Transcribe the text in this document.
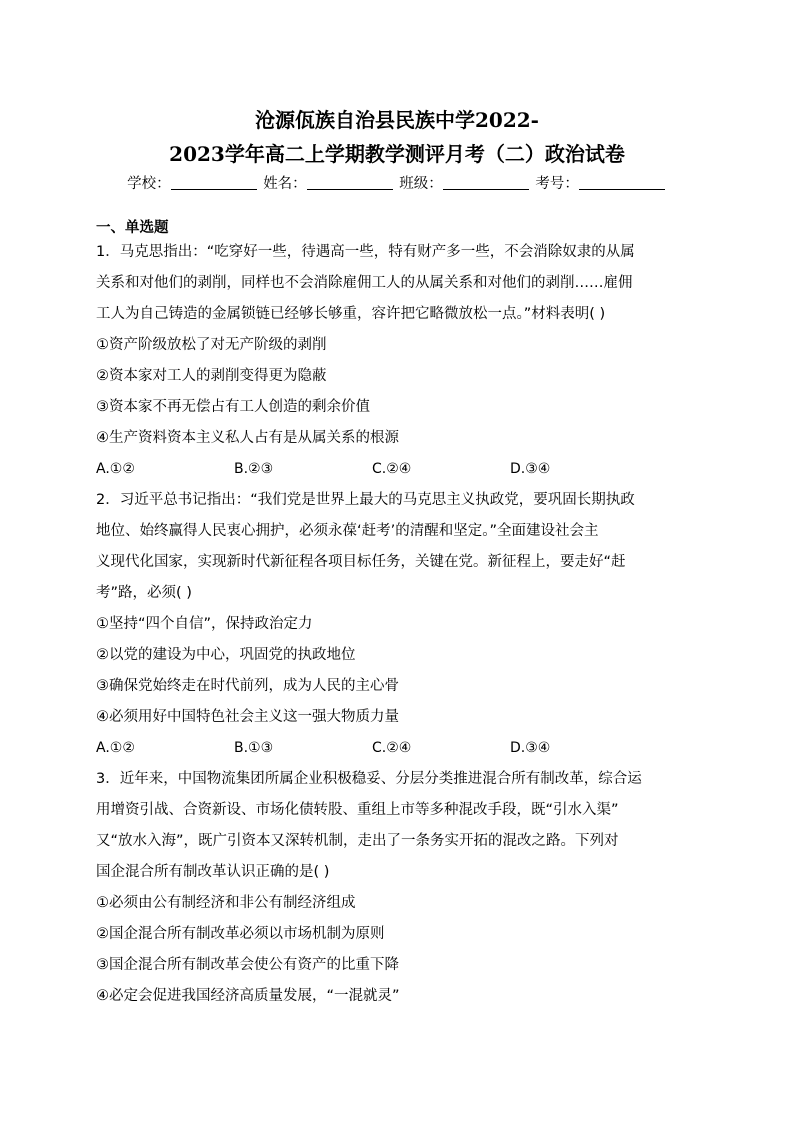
沧源佤族自治县民族中学2022-
2023学年高二上学期教学测评月考（二）政治试卷
学校：	姓名：	班级：	考号：
一、单选题
1．马克思指出：“吃穿好一些，待遇高一些，特有财产多一些，不会消除奴隶的从属
关系和对他们的剥削，同样也不会消除雇佣工人的从属关系和对他们的剥削……雇佣
工人为自己铸造的金属锁链已经够长够重，容许把它略微放松一点。”材料表明( )
①资产阶级放松了对无产阶级的剥削
②资本家对工人的剥削变得更为隐蔽
③资本家不再无偿占有工人创造的剩余价值
④生产资料资本主义私人占有是从属关系的根源
A.①②	B.②③	C.②④	D.③④
2．习近平总书记指出：“我们党是世界上最大的马克思主义执政党，要巩固长期执政
地位、始终赢得人民衷心拥护，必须永葆‘赶考’的清醒和坚定。”全面建设社会主
义现代化国家，实现新时代新征程各项目标任务，关键在党。新征程上，要走好“赶
考”路，必须( )
①坚持“四个自信”，保持政治定力
②以党的建设为中心，巩固党的执政地位
③确保党始终走在时代前列，成为人民的主心骨
④必须用好中国特色社会主义这一强大物质力量
A.①②	B.①③	C.②④	D.③④
3．近年来，中国物流集团所属企业积极稳妥、分层分类推进混合所有制改革，综合运
用增资引战、合资新设、市场化债转股、重组上市等多种混改手段，既“引水入渠”
又“放水入海”，既广引资本又深转机制，走出了一条务实开拓的混改之路。下列对
国企混合所有制改革认识正确的是( )
①必须由公有制经济和非公有制经济组成
②国企混合所有制改革必须以市场机制为原则
③国企混合所有制改革会使公有资产的比重下降
④必定会促进我国经济高质量发展，“一混就灵”
